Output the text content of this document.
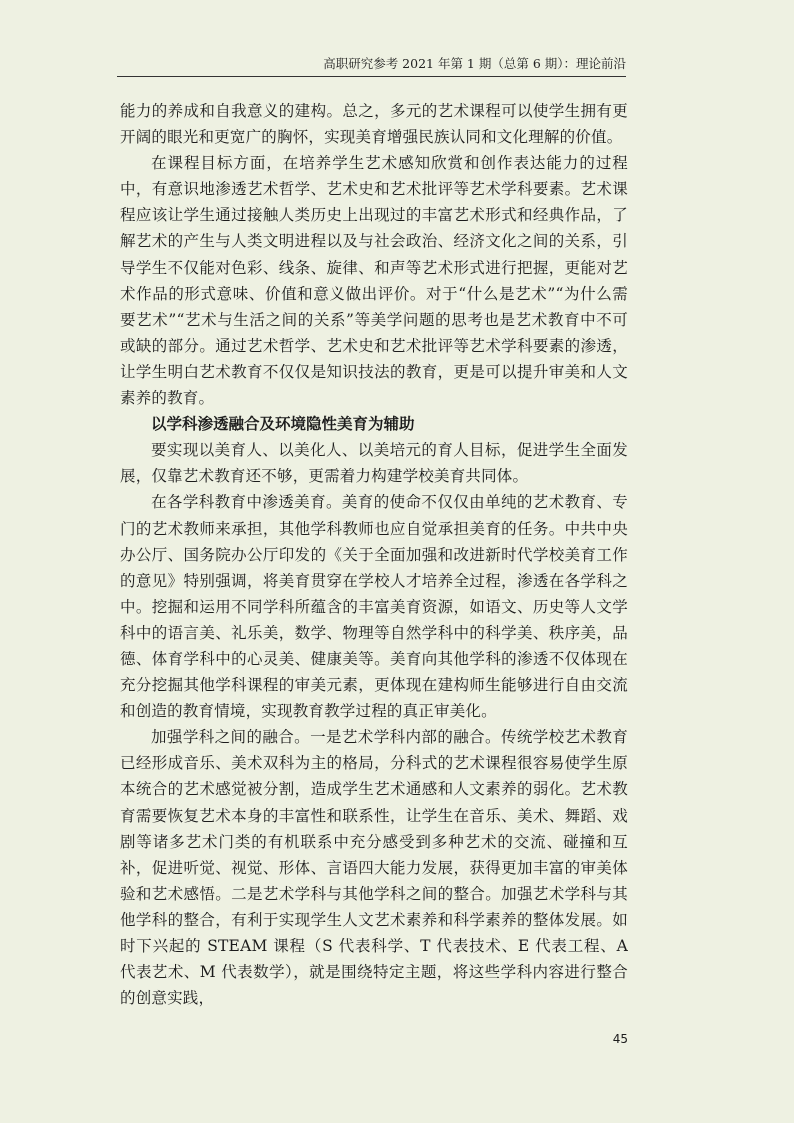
高职研究参考 2021 年第 1 期（总第 6 期）：理论前沿

能力的养成和自我意义的建构。总之，多元的艺术课程可以使学生拥有更开阔的眼光和更宽广的胸怀，实现美育增强民族认同和文化理解的价值。

在课程目标方面，在培养学生艺术感知欣赏和创作表达能力的过程中，有意识地渗透艺术哲学、艺术史和艺术批评等艺术学科要素。艺术课程应该让学生通过接触人类历史上出现过的丰富艺术形式和经典作品，了解艺术的产生与人类文明进程以及与社会政治、经济文化之间的关系，引导学生不仅能对色彩、线条、旋律、和声等艺术形式进行把握，更能对艺术作品的形式意味、价值和意义做出评价。对于“什么是艺术”“为什么需要艺术”“艺术与生活之间的关系”等美学问题的思考也是艺术教育中不可或缺的部分。通过艺术哲学、艺术史和艺术批评等艺术学科要素的渗透，让学生明白艺术教育不仅仅是知识技法的教育，更是可以提升审美和人文素养的教育。

以学科渗透融合及环境隐性美育为辅助

要实现以美育人、以美化人、以美培元的育人目标，促进学生全面发展，仅靠艺术教育还不够，更需着力构建学校美育共同体。

在各学科教育中渗透美育。美育的使命不仅仅由单纯的艺术教育、专门的艺术教师来承担，其他学科教师也应自觉承担美育的任务。中共中央办公厅、国务院办公厅印发的《关于全面加强和改进新时代学校美育工作的意见》特别强调，将美育贯穿在学校人才培养全过程，渗透在各学科之中。挖掘和运用不同学科所蕴含的丰富美育资源，如语文、历史等人文学科中的语言美、礼乐美，数学、物理等自然学科中的科学美、秩序美，品德、体育学科中的心灵美、健康美等。美育向其他学科的渗透不仅体现在充分挖掘其他学科课程的审美元素，更体现在建构师生能够进行自由交流和创造的教育情境，实现教育教学过程的真正审美化。

加强学科之间的融合。一是艺术学科内部的融合。传统学校艺术教育已经形成音乐、美术双科为主的格局，分科式的艺术课程很容易使学生原本统合的艺术感觉被分割，造成学生艺术通感和人文素养的弱化。艺术教育需要恢复艺术本身的丰富性和联系性，让学生在音乐、美术、舞蹈、戏剧等诸多艺术门类的有机联系中充分感受到多种艺术的交流、碰撞和互补，促进听觉、视觉、形体、言语四大能力发展，获得更加丰富的审美体验和艺术感悟。二是艺术学科与其他学科之间的整合。加强艺术学科与其他学科的整合，有利于实现学生人文艺术素养和科学素养的整体发展。如时下兴起的 STEAM 课程（S 代表科学、T 代表技术、E 代表工程、A 代表艺术、M 代表数学），就是围绕特定主题，将这些学科内容进行整合的创意实践，

45
